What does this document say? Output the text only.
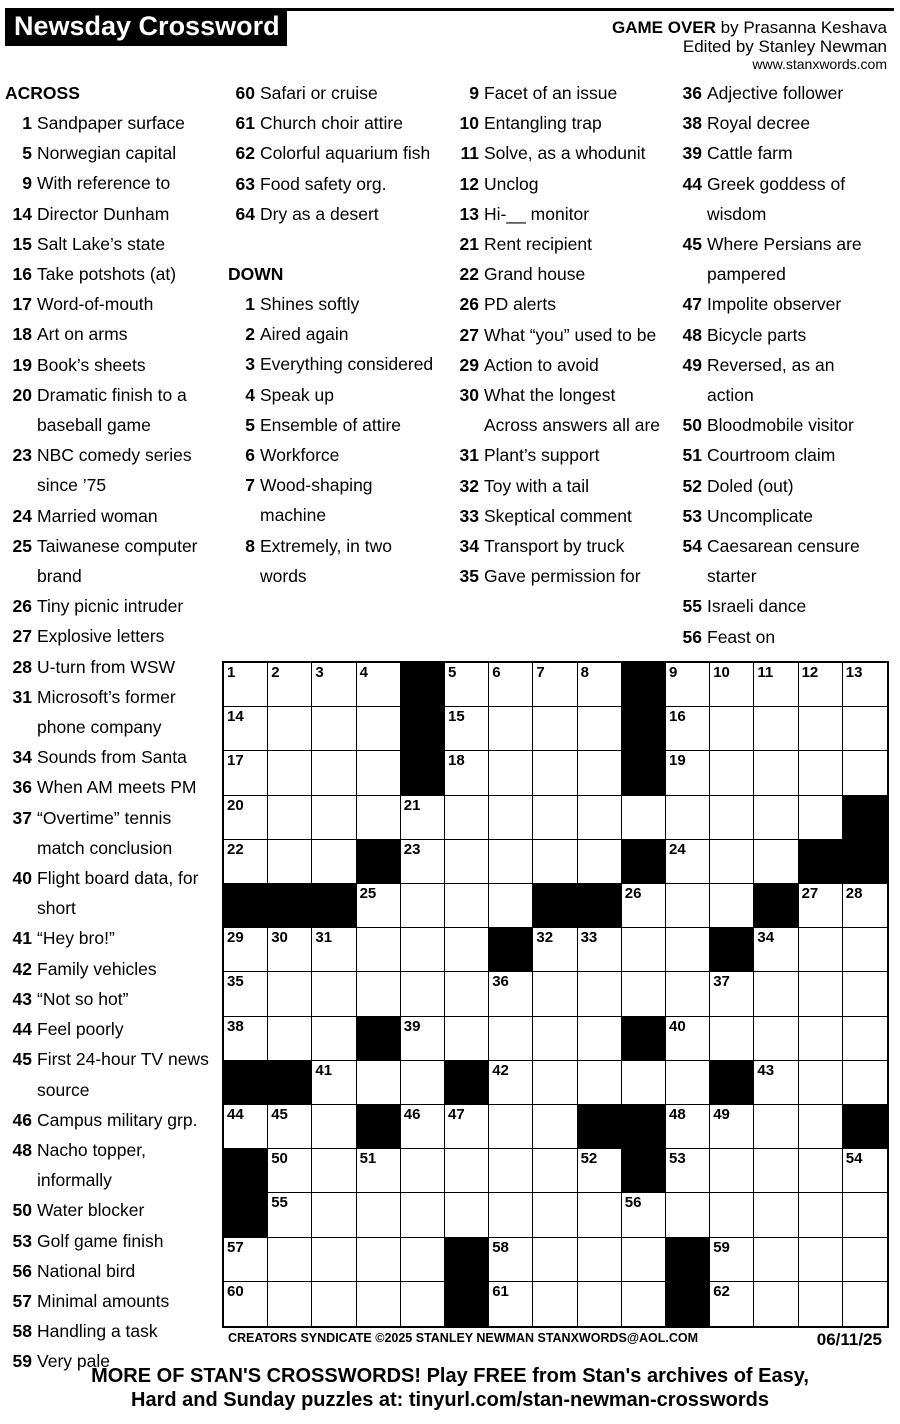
Newsday Crossword	GAME OVER by Prasanna Keshava
Edited by Stanley Newman
www.stanxwords.com
ACROSS
1 Sandpaper surface
5 Norwegian capital
9 With reference to
14 Director Dunham
15 Salt Lake’s state
16 Take potshots (at)
17 Word-of-mouth
18 Art on arms
19 Book’s sheets
20 Dramatic finish to a baseball game
23 NBC comedy series since ’75
24 Married woman
25 Taiwanese computer brand
26 Tiny picnic intruder
27 Explosive letters
28 U-turn from WSW
31 Microsoft’s former phone company
34 Sounds from Santa
36 When AM meets PM
37 “Overtime” tennis match conclusion
40 Flight board data, for short
41 “Hey bro!”
42 Family vehicles
43 “Not so hot”
44 Feel poorly
45 First 24-hour TV news source
46 Campus military grp.
48 Nacho topper, informally
50 Water blocker
53 Golf game finish
56 National bird
57 Minimal amounts
58 Handling a task
59 Very pale
60 Safari or cruise
61 Church choir attire
62 Colorful aquarium fish
63 Food safety org.
64 Dry as a desert
DOWN
1 Shines softly
2 Aired again
3 Everything considered
4 Speak up
5 Ensemble of attire
6 Workforce
7 Wood-shaping machine
8 Extremely, in two words
9 Facet of an issue
10 Entangling trap
11 Solve, as a whodunit
12 Unclog
13 Hi-__ monitor
21 Rent recipient
22 Grand house
26 PD alerts
27 What “you” used to be
29 Action to avoid
30 What the longest Across answers all are
31 Plant’s support
32 Toy with a tail
33 Skeptical comment
34 Transport by truck
35 Gave permission for
36 Adjective follower
38 Royal decree
39 Cattle farm
44 Greek goddess of wisdom
45 Where Persians are pampered
47 Impolite observer
48 Bicycle parts
49 Reversed, as an action
50 Bloodmobile visitor
51 Courtroom claim
52 Doled (out)
53 Uncomplicate
54 Caesarean censure starter
55 Israeli dance
56 Feast on
1 2 3 4	5 6 7 8	9 10 11 12 13
14	15	16
17	18	19
20	21
22	23	24
25	26	27 28
29 30 31	32 33	34
35	36	37
38	39	40
41	42	43
44 45	46 47	48 49
50	51	52	53	54
55	56
57	58	59
60	61	62
CREATORS SYNDICATE ©2025 STANLEY NEWMAN STANXWORDS@AOL.COM	06/11/25
MORE OF STAN'S CROSSWORDS! Play FREE from Stan's archives of Easy,
Hard and Sunday puzzles at: tinyurl.com/stan-newman-crosswords
